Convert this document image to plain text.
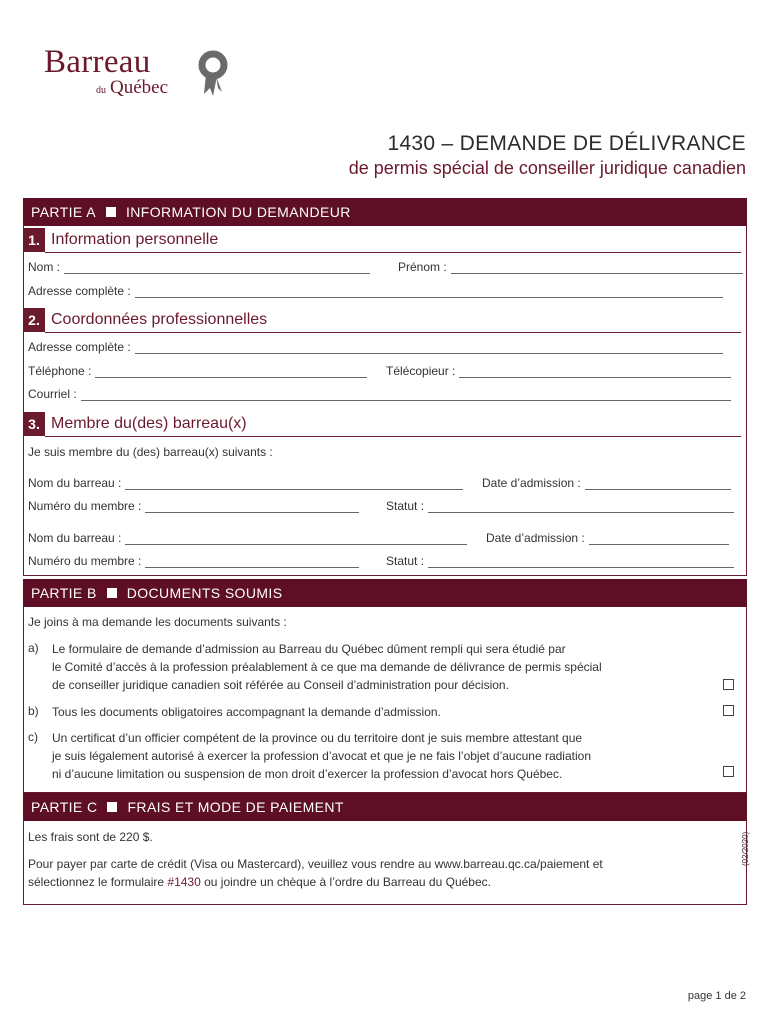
Barreau
du Québec
1430 – DEMANDE DE DÉLIVRANCE
de permis spécial de conseiller juridique canadien
PARTIE A INFORMATION DU DEMANDEUR
1. Information personnelle
Nom :	Prénom :
Adresse complète :
2. Coordonnées professionnelles
Adresse complète :
Téléphone :	Télécopieur :
Courriel :
3. Membre du(des) barreau(x)
Je suis membre du (des) barreau(x) suivants :
Nom du barreau :	Date d’admission :
Numéro du membre :	Statut :
Nom du barreau :	Date d’admission :
Numéro du membre :	Statut :
PARTIE B DOCUMENTS SOUMIS
Je joins à ma demande les documents suivants :
a) Le formulaire de demande d’admission au Barreau du Québec dûment rempli qui sera étudié par
le Comité d’accès à la profession préalablement à ce que ma demande de délivrance de permis spécial
de conseiller juridique canadien soit référée au Conseil d’administration pour décision.
b) Tous les documents obligatoires accompagnant la demande d’admission.
c) Un certificat d’un officier compétent de la province ou du territoire dont je suis membre attestant que
je suis légalement autorisé à exercer la profession d’avocat et que je ne fais l’objet d’aucune radiation
ni d’aucune limitation ou suspension de mon droit d’exercer la profession d’avocat hors Québec.
PARTIE C FRAIS ET MODE DE PAIEMENT
Les frais sont de 220 $.
Pour payer par carte de crédit (Visa ou Mastercard), veuillez vous rendre au www.barreau.qc.ca/paiement et
sélectionnez le formulaire #1430 ou joindre un chèque à l’ordre du Barreau du Québec.
(02/2020)
page 1 de 2
